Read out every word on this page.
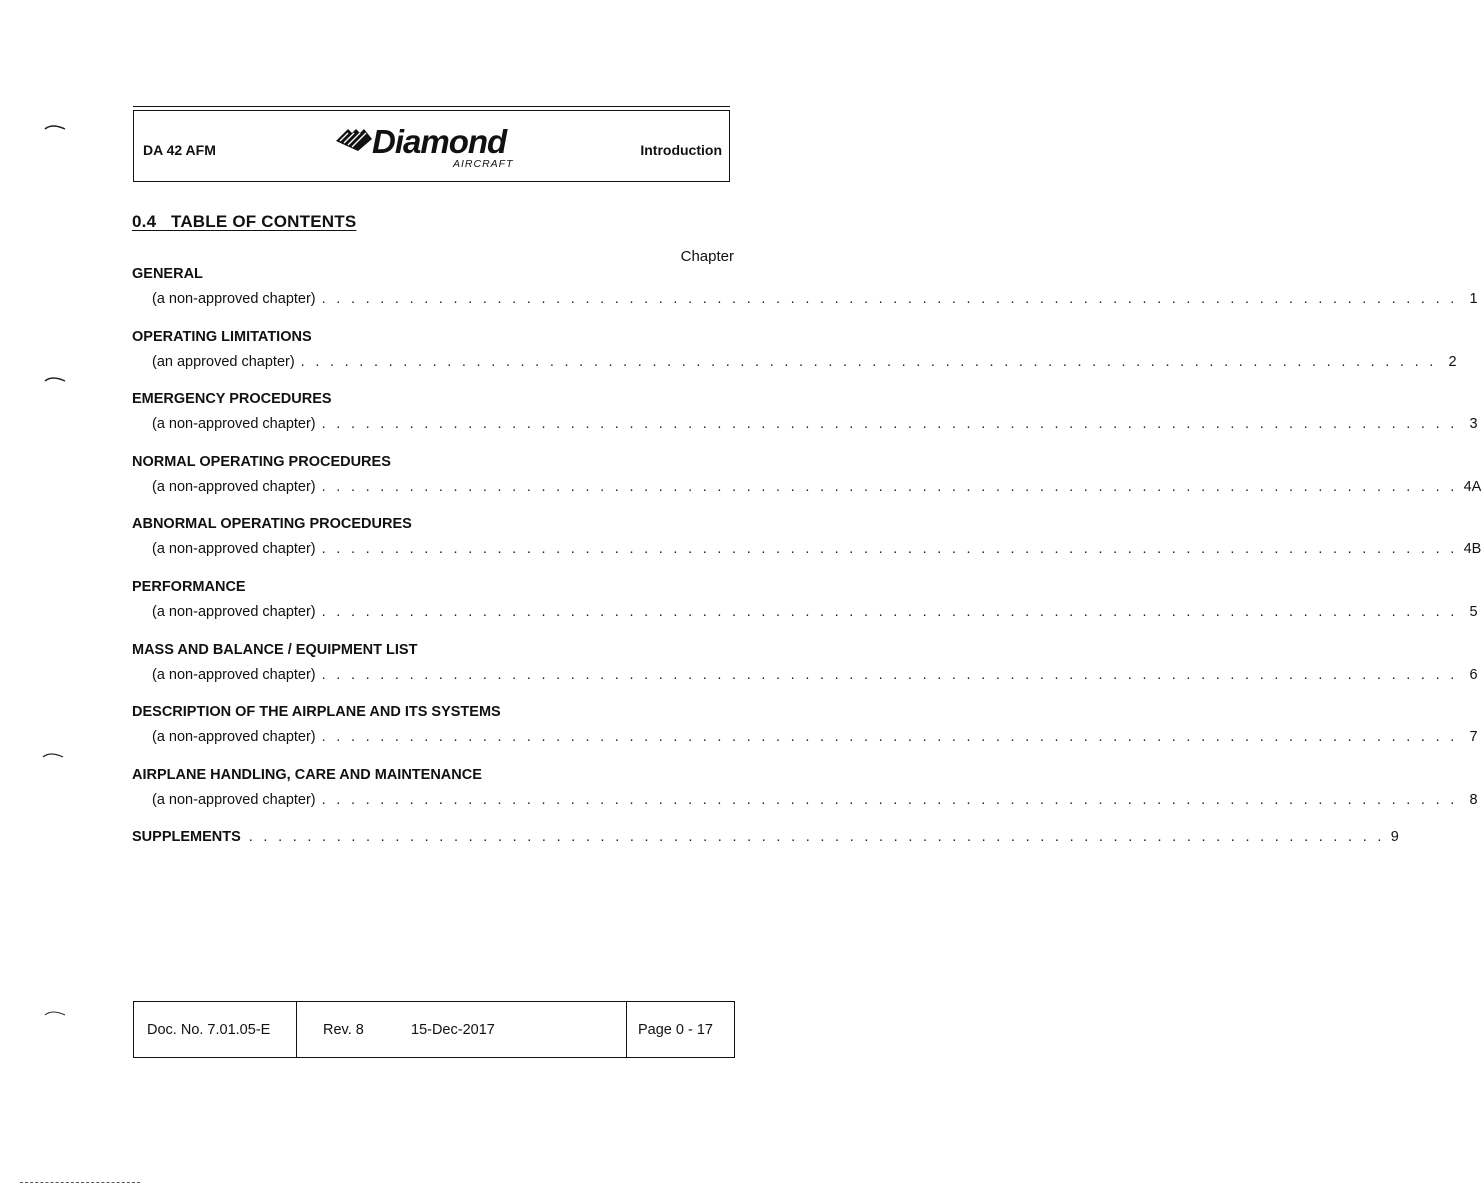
DA 42 AFM	Diamond
AIRCRAFT
Introduction
0.4   TABLE OF CONTENTS
Chapter
GENERAL
(a non-approved chapter) . . . . . . . . . . . . . . . . . . . . . . . . . . . . . . . . . . . . . . . . . . . . . . . . . . . . . . . . . . . . . . . . . . . . . . . . . . . . . . 1
OPERATING LIMITATIONS
(an approved chapter) . . . . . . . . . . . . . . . . . . . . . . . . . . . . . . . . . . . . . . . . . . . . . . . . . . . . . . . . . . . . . . . . . . . . . . . . . . . . . . 2
EMERGENCY PROCEDURES
(a non-approved chapter) . . . . . . . . . . . . . . . . . . . . . . . . . . . . . . . . . . . . . . . . . . . . . . . . . . . . . . . . . . . . . . . . . . . . . . . . . . . . . . 3
NORMAL OPERATING PROCEDURES
(a non-approved chapter) . . . . . . . . . . . . . . . . . . . . . . . . . . . . . . . . . . . . . . . . . . . . . . . . . . . . . . . . . . . . . . . . . . . . . . . . . . . . . . 4A
ABNORMAL OPERATING PROCEDURES
(a non-approved chapter) . . . . . . . . . . . . . . . . . . . . . . . . . . . . . . . . . . . . . . . . . . . . . . . . . . . . . . . . . . . . . . . . . . . . . . . . . . . . . . 4B
PERFORMANCE
(a non-approved chapter) . . . . . . . . . . . . . . . . . . . . . . . . . . . . . . . . . . . . . . . . . . . . . . . . . . . . . . . . . . . . . . . . . . . . . . . . . . . . . . 5
MASS AND BALANCE / EQUIPMENT LIST
(a non-approved chapter) . . . . . . . . . . . . . . . . . . . . . . . . . . . . . . . . . . . . . . . . . . . . . . . . . . . . . . . . . . . . . . . . . . . . . . . . . . . . . . 6
DESCRIPTION OF THE AIRPLANE AND ITS SYSTEMS
(a non-approved chapter) . . . . . . . . . . . . . . . . . . . . . . . . . . . . . . . . . . . . . . . . . . . . . . . . . . . . . . . . . . . . . . . . . . . . . . . . . . . . . . 7
AIRPLANE HANDLING, CARE AND MAINTENANCE
(a non-approved chapter) . . . . . . . . . . . . . . . . . . . . . . . . . . . . . . . . . . . . . . . . . . . . . . . . . . . . . . . . . . . . . . . . . . . . . . . . . . . . . . 8
SUPPLEMENTS . . . . . . . . . . . . . . . . . . . . . . . . . . . . . . . . . . . . . . . . . . . . . . . . . . . . . . . . . . . . . . . . . . . . . . . . . . . . . . 9
Doc. No. 7.01.05-E	Rev. 8	15-Dec-2017	Page 0 - 17
